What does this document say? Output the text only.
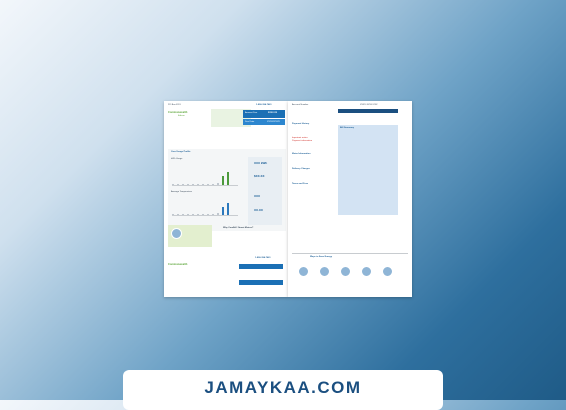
PO Box 6111
Commonwealth
Edison
1-800-334-7661
Amount Due	$XXX.XX
Due Date	XX/XX/XXXX
Your Usage Profile
kWh Usage
Average Temperature
XXX kWh
$XX.XX
XXX
XX.XX
Why ComEd® Smart Meters?
1-800-334-7661
Commonwealth
Account Number	XXXX-XXXX-XXX
Payment History
Important notice
Payment information
Meter Information
Delivery Charges
Taxes and Fees
Bill Summary
Ways to Save Energy
JAMAYKAA.COM
